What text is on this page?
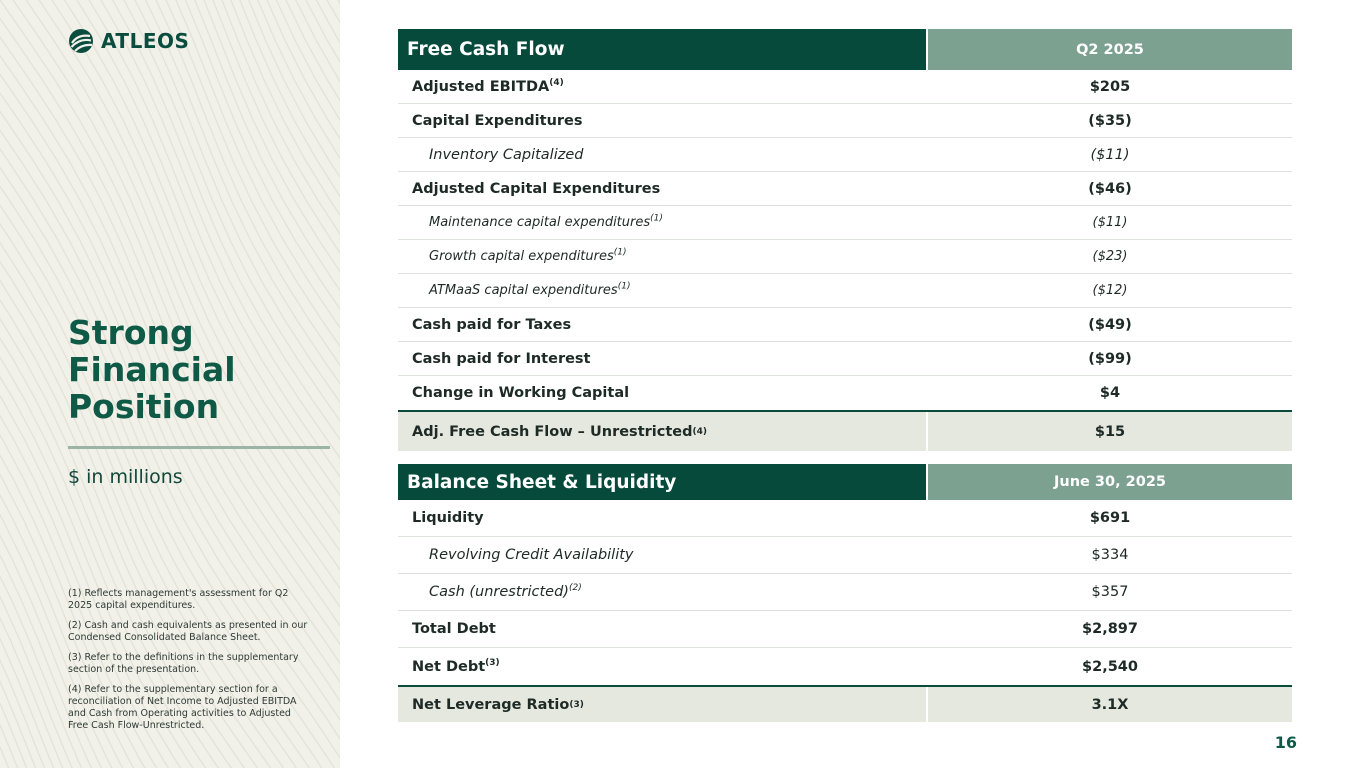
ATLEOS
Strong
Financial
Position
$ in millions

(1) Reflects management's assessment for Q2 2025 capital expenditures.

(2) Cash and cash equivalents as presented in our Condensed Consolidated Balance Sheet.

(3) Refer to the definitions in the supplementary section of the presentation.

(4) Refer to the supplementary section for a reconciliation of Net Income to Adjusted EBITDA and Cash from Operating activities to Adjusted Free Cash Flow-Unrestricted.

Free Cash Flow	Q2 2025
Adjusted EBITDA$^{(4)}$	$205
Capital Expenditures	($35)
Inventory Capitalized	($11)
Adjusted Capital Expenditures	($46)
Maintenance capital expenditures$^{(1)}$	($11)
Growth capital expenditures$^{(1)}$	($23)
ATMaaS capital expenditures$^{(1)}$	($12)
Cash paid for Taxes	($49)
Cash paid for Interest	($99)
Change in Working Capital	$4
Adj. Free Cash Flow – Unrestricted (4)	$15
Balance Sheet & Liquidity	June 30, 2025
Liquidity	$691
Revolving Credit Availability	$334
Cash (unrestricted)$^{(2)}$	$357
Total Debt	$2,897
Net Debt$^{(3)}$	$2,540
Net Leverage Ratio (3)	3.1X
16
